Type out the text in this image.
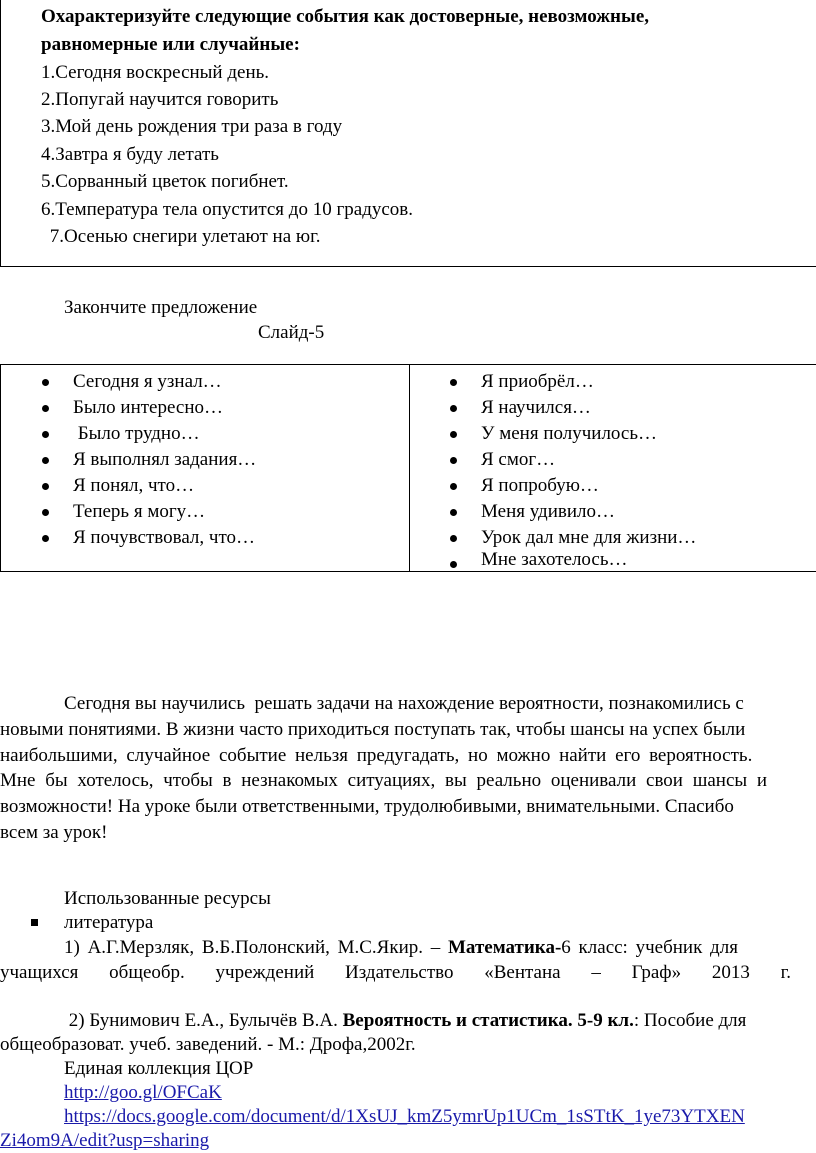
Охарактеризуйте следующие события как достоверные, невозможные,
равномерные или случайные:
1.Сегодня воскресный день.
2.Попугай научится говорить
3.Мой день рождения три раза в году
4.Завтра я буду летать
5.Сорванный цветок погибнет.
6.Температура тела опустится до 10 градусов.
7.Осенью снегири улетают на юг.
Закончите предложение
Слайд-5
Сегодня я узнал…
Было интересно…
Было трудно…
Я выполнял задания…
Я понял, что…
Теперь я могу…
Я почувствовал, что…
Я приобрёл…
Я научился…
У меня получилось…
Я смог…
Я попробую…
Меня удивило…
Урок дал мне для жизни…
Мне захотелось…
Сегодня вы научились  решать задачи на нахождение вероятности, познакомились с
новыми понятиями. В жизни часто приходиться поступать так, чтобы шансы на успех были
наибольшими, случайное событие нельзя предугадать, но можно найти его вероятность.
Мне бы хотелось, чтобы в незнакомых ситуациях, вы реально оценивали свои шансы и
возможности! На уроке были ответственными, трудолюбивыми, внимательными. Спасибо
всем за урок!
Использованные ресурсы
литература
1) А.Г.Мерзляк, В.Б.Полонский, М.С.Якир. – Математика-6 класс: учебник для
учащихся общеобр. учреждений Издательство «Вентана – Граф» 2013 г.
2) Бунимович Е.А., Булычёв В.А. Вероятность и статистика. 5-9 кл.: Пособие для
общеобразоват. учеб. заведений. - М.: Дрофа,2002г.
Единая коллекция ЦОР
http://goo.gl/OFCaK
https://docs.google.com/document/d/1XsUJ_kmZ5ymrUp1UCm_1sSTtK_1ye73YTXEN
Zi4om9A/edit?usp=sharing
